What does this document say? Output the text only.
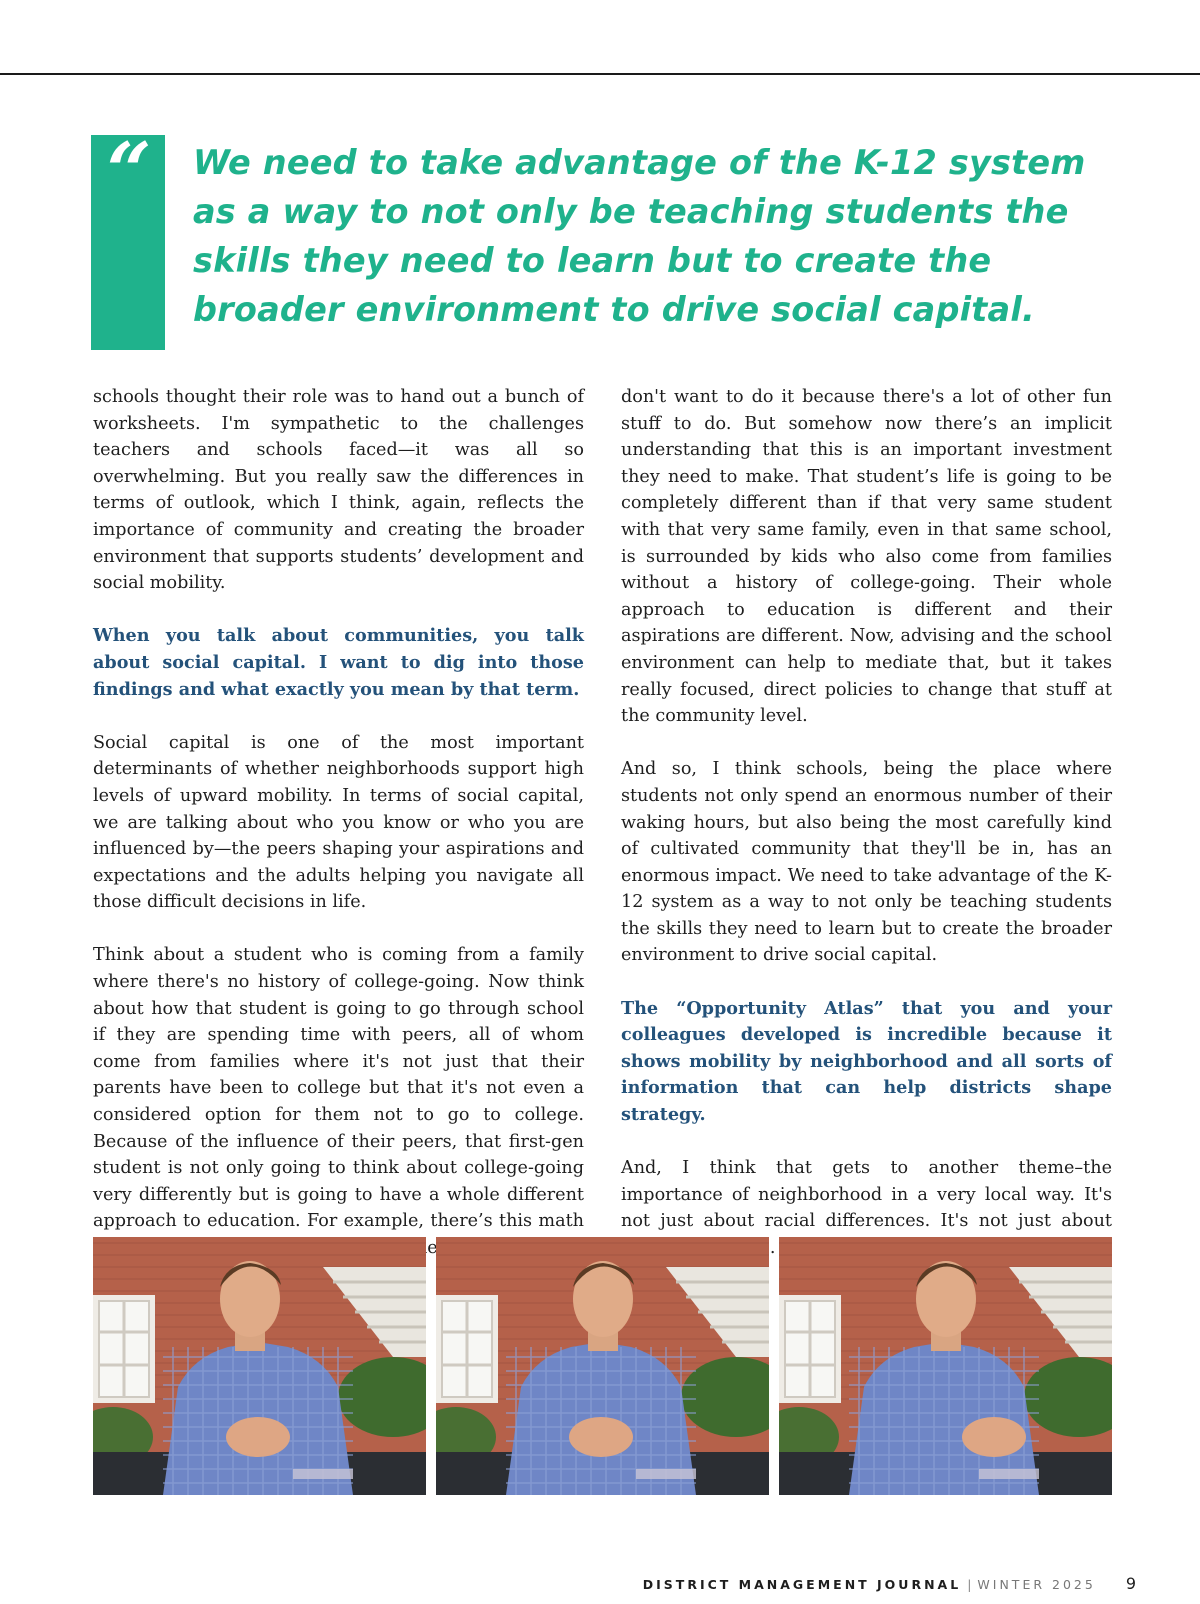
“ We need to take advantage of the K-12 system as a way to not only be teaching students the skills they need to learn but to create the broader environment to drive social capital.

schools thought their role was to hand out a bunch of worksheets. I'm sympathetic to the challenges teachers and schools faced—it was all so overwhelming. But you really saw the differences in terms of outlook, which I think, again, reflects the importance of community and creating the broader environment that supports students’ development and social mobility.

When you talk about communities, you talk about social capital. I want to dig into those findings and what exactly you mean by that term.

Social capital is one of the most important determinants of whether neighborhoods support high levels of upward mobility. In terms of social capital, we are talking about who you know or who you are influenced by—the peers shaping your aspirations and expectations and the adults helping you navigate all those difficult decisions in life.

Think about a student who is coming from a family where there's no history of college-going. Now think about how that student is going to go through school if they are spending time with peers, all of whom come from families where it's not just that their parents have been to college but that it's not even a considered option for them not to go to college. Because of the influence of their peers, that first-gen student is not only going to think about college-going very differently but is going to have a whole different approach to education. For example, there’s this math they

don't want to do it because there's a lot of other fun stuff to do. But somehow now there’s an implicit understanding that this is an important investment they need to make. That student’s life is going to be completely different than if that very same student with that very same family, even in that same school, is surrounded by kids who also come from families without a history of college-going. Their whole approach to education is different and their aspirations are different. Now, advising and the school environment can help to mediate that, but it takes really focused, direct policies to change that stuff at the community level.

And so, I think schools, being the place where students not only spend an enormous number of their waking hours, but also being the most carefully kind of cultivated community that they'll be in, has an enormous impact. We need to take advantage of the K-12 system as a way to not only be teaching students the skills they need to learn but to create the broader environment to drive social capital.

The “Opportunity Atlas” that you and your colleagues developed is incredible because it shows mobility by neighborhood and all sorts of information that can help districts shape strategy.

And, I think that gets to another theme–the importance of neighborhood in a very local way. It's not just about racial differences. It's not just about

DISTRICT MANAGEMENT JOURNAL | WINTER 2025 9
